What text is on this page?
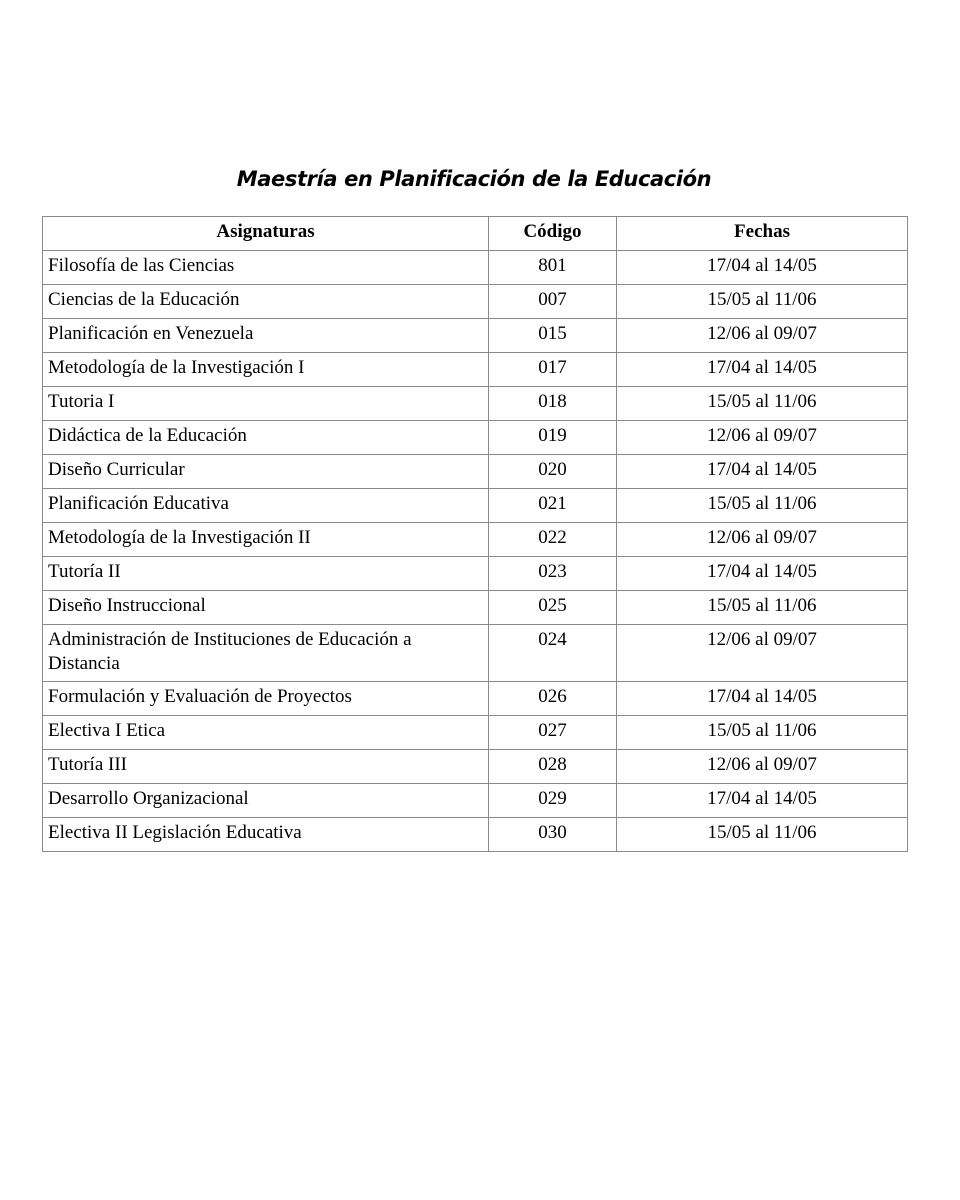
Maestría en Planificación de la Educación
Asignaturas	Código	Fechas
Filosofía de las Ciencias	801	17/04 al 14/05
Ciencias de la Educación	007	15/05 al 11/06
Planificación en Venezuela	015	12/06 al 09/07
Metodología de la Investigación I	017	17/04 al 14/05
Tutoria I	018	15/05 al 11/06
Didáctica de la Educación	019	12/06 al 09/07
Diseño Curricular	020	17/04 al 14/05
Planificación Educativa	021	15/05 al 11/06
Metodología de la Investigación II	022	12/06 al 09/07
Tutoría II	023	17/04 al 14/05
Diseño Instruccional	025	15/05 al 11/06
Administración de Instituciones de Educación a Distancia	024	12/06 al 09/07
Formulación y Evaluación de Proyectos	026	17/04 al 14/05
Electiva I Etica	027	15/05 al 11/06
Tutoría III	028	12/06 al 09/07
Desarrollo Organizacional	029	17/04 al 14/05
Electiva II Legislación Educativa	030	15/05 al 11/06
